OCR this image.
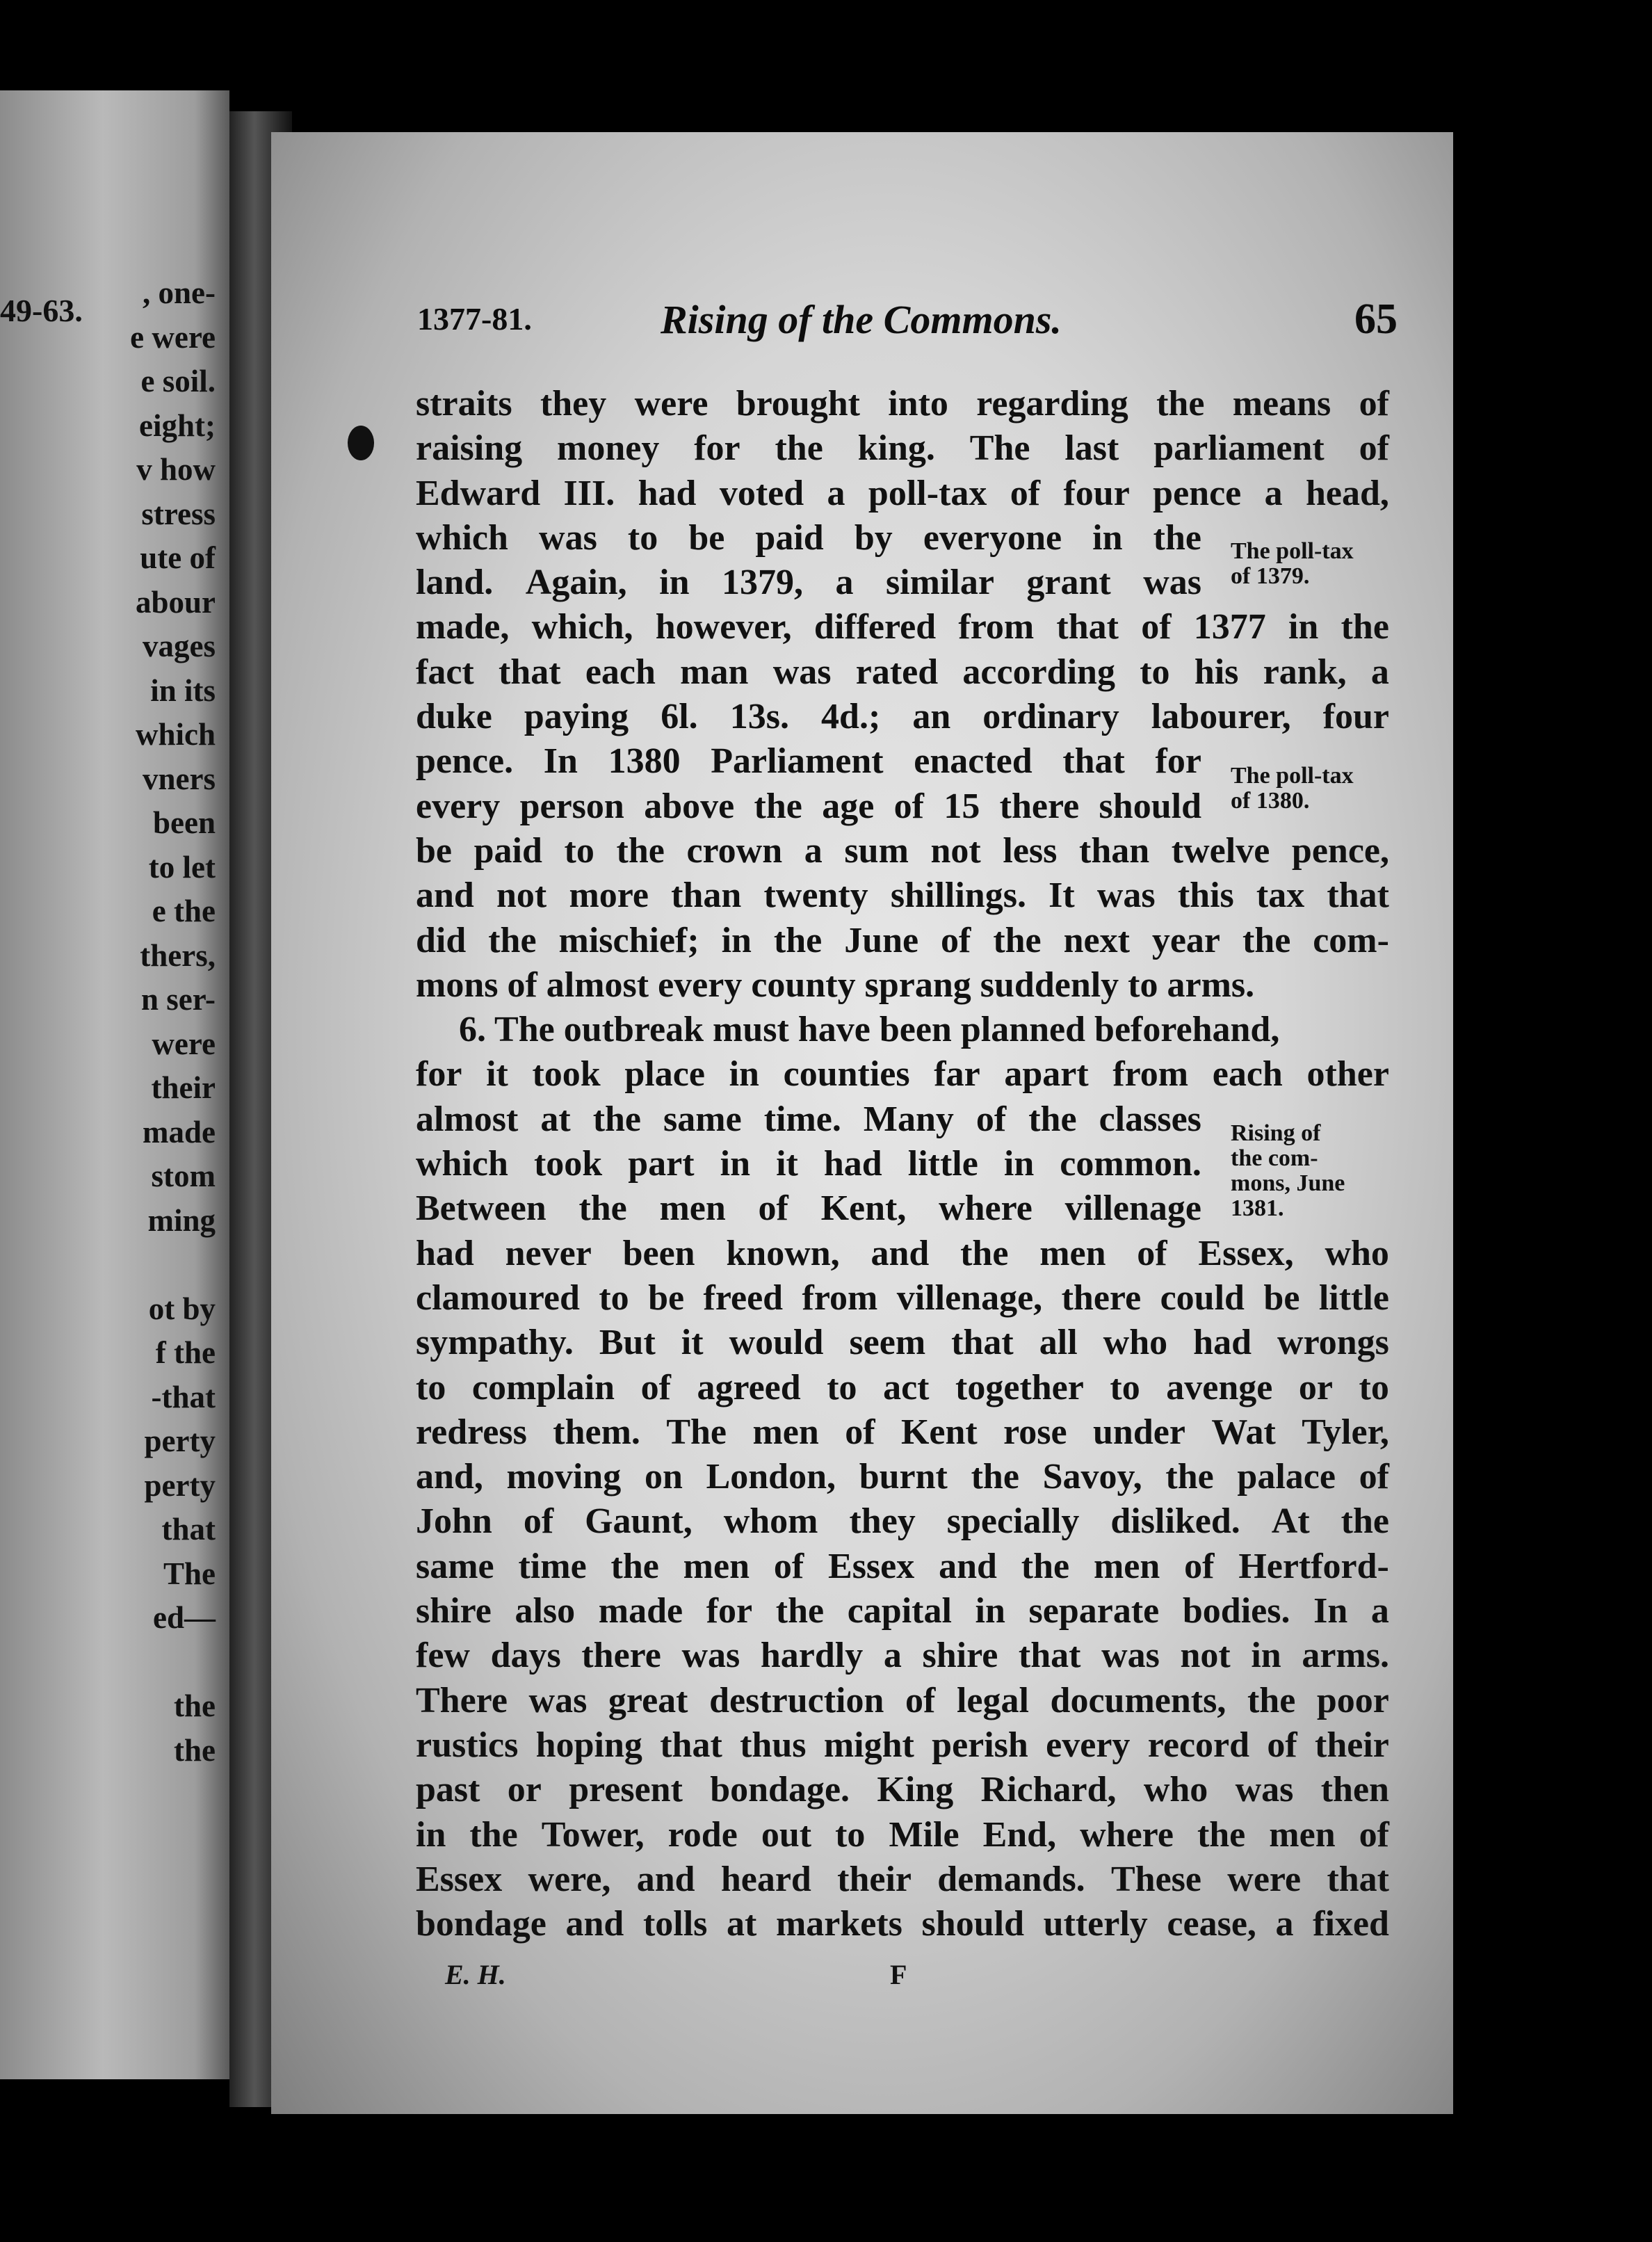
49-63.	, one-
e were
e soil.
eight;
v how
stress
ute of
abour
vages
in its
which
vners
been
to let
e the
thers,
n ser-
were
their
made
stom
ming
ot by
f the
-that
perty
perty
that
The
ed—
the
the
1377-81.	Rising of the Commons.	65
straits they were brought into regarding the means of
raising money for the king. The last parliament of
Edward III. had voted a poll-tax of four pence a head,
which was to be paid by everyone in the
land. Again, in 1379, a similar grant was
made, which, however, differed from that of 1377 in the
fact that each man was rated according to his rank, a
duke paying 6l. 13s. 4d.; an ordinary labourer, four
pence. In 1380 Parliament enacted that for
every person above the age of 15 there should
be paid to the crown a sum not less than twelve pence,
and not more than twenty shillings. It was this tax that
did the mischief; in the June of the next year the com-
mons of almost every county sprang suddenly to arms.
6. The outbreak must have been planned beforehand,
for it took place in counties far apart from each other
almost at the same time. Many of the classes
which took part in it had little in common.
Between the men of Kent, where villenage
had never been known, and the men of Essex, who
clamoured to be freed from villenage, there could be little
sympathy. But it would seem that all who had wrongs
to complain of agreed to act together to avenge or to
redress them. The men of Kent rose under Wat Tyler,
and, moving on London, burnt the Savoy, the palace of
John of Gaunt, whom they specially disliked. At the
same time the men of Essex and the men of Hertford-
shire also made for the capital in separate bodies. In a
few days there was hardly a shire that was not in arms.
There was great destruction of legal documents, the poor
rustics hoping that thus might perish every record of their
past or present bondage. King Richard, who was then
in the Tower, rode out to Mile End, where the men of
Essex were, and heard their demands. These were that
bondage and tolls at markets should utterly cease, a fixed
The poll-tax
of 1379.
The poll-tax
of 1380.
Rising of
the com-
mons, June
1381.
E. H.	F
